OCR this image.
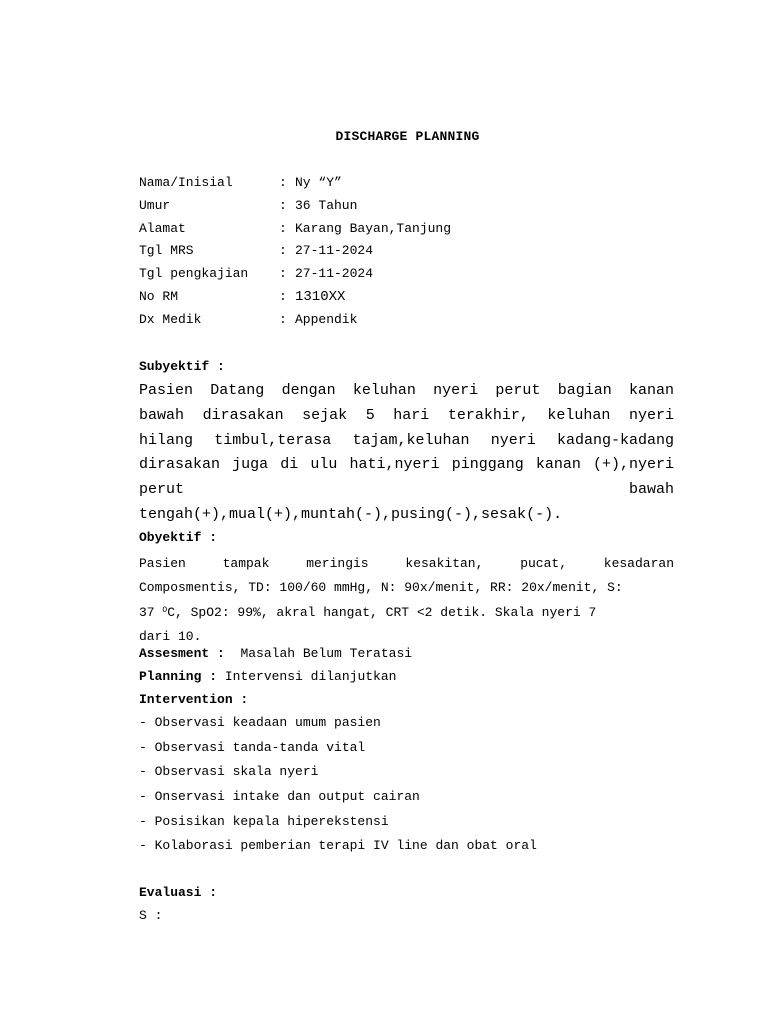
DISCHARGE PLANNING
Nama/Inisial	: Ny “Y”
Umur	: 36 Tahun
Alamat	: Karang Bayan,Tanjung
Tgl MRS	: 27-11-2024
Tgl pengkajian : 27-11-2024
No RM	: 1310XX
Dx Medik	: Appendik
Subyektif :
Pasien Datang dengan keluhan nyeri perut bagian kanan
bawah dirasakan sejak 5 hari terakhir, keluhan nyeri
hilang timbul,terasa tajam,keluhan nyeri kadang-kadang
dirasakan juga di ulu hati,nyeri pinggang kanan (+),nyeri
perut	bawah
tengah(+),mual(+),muntah(-),pusing(-),sesak(-).
Obyektif :
Pasien	tampak	meringis	kesakitan,	pucat,	kesadaran
Composmentis, TD: 100/60 mmHg, N: 90x/menit, RR: 20x/menit, S:
37 $^O$C, SpO2: 99%, akral hangat, CRT <2 detik. Skala nyeri 7
dari 10.
Assesment : Masalah Belum Teratasi
Planning : Intervensi dilanjutkan
Intervention :
- Observasi keadaan umum pasien
- Observasi tanda-tanda vital
- Observasi skala nyeri
- Onservasi intake dan output cairan
- Posisikan kepala hiperekstensi
- Kolaborasi pemberian terapi IV line dan obat oral
Evaluasi :
S :
